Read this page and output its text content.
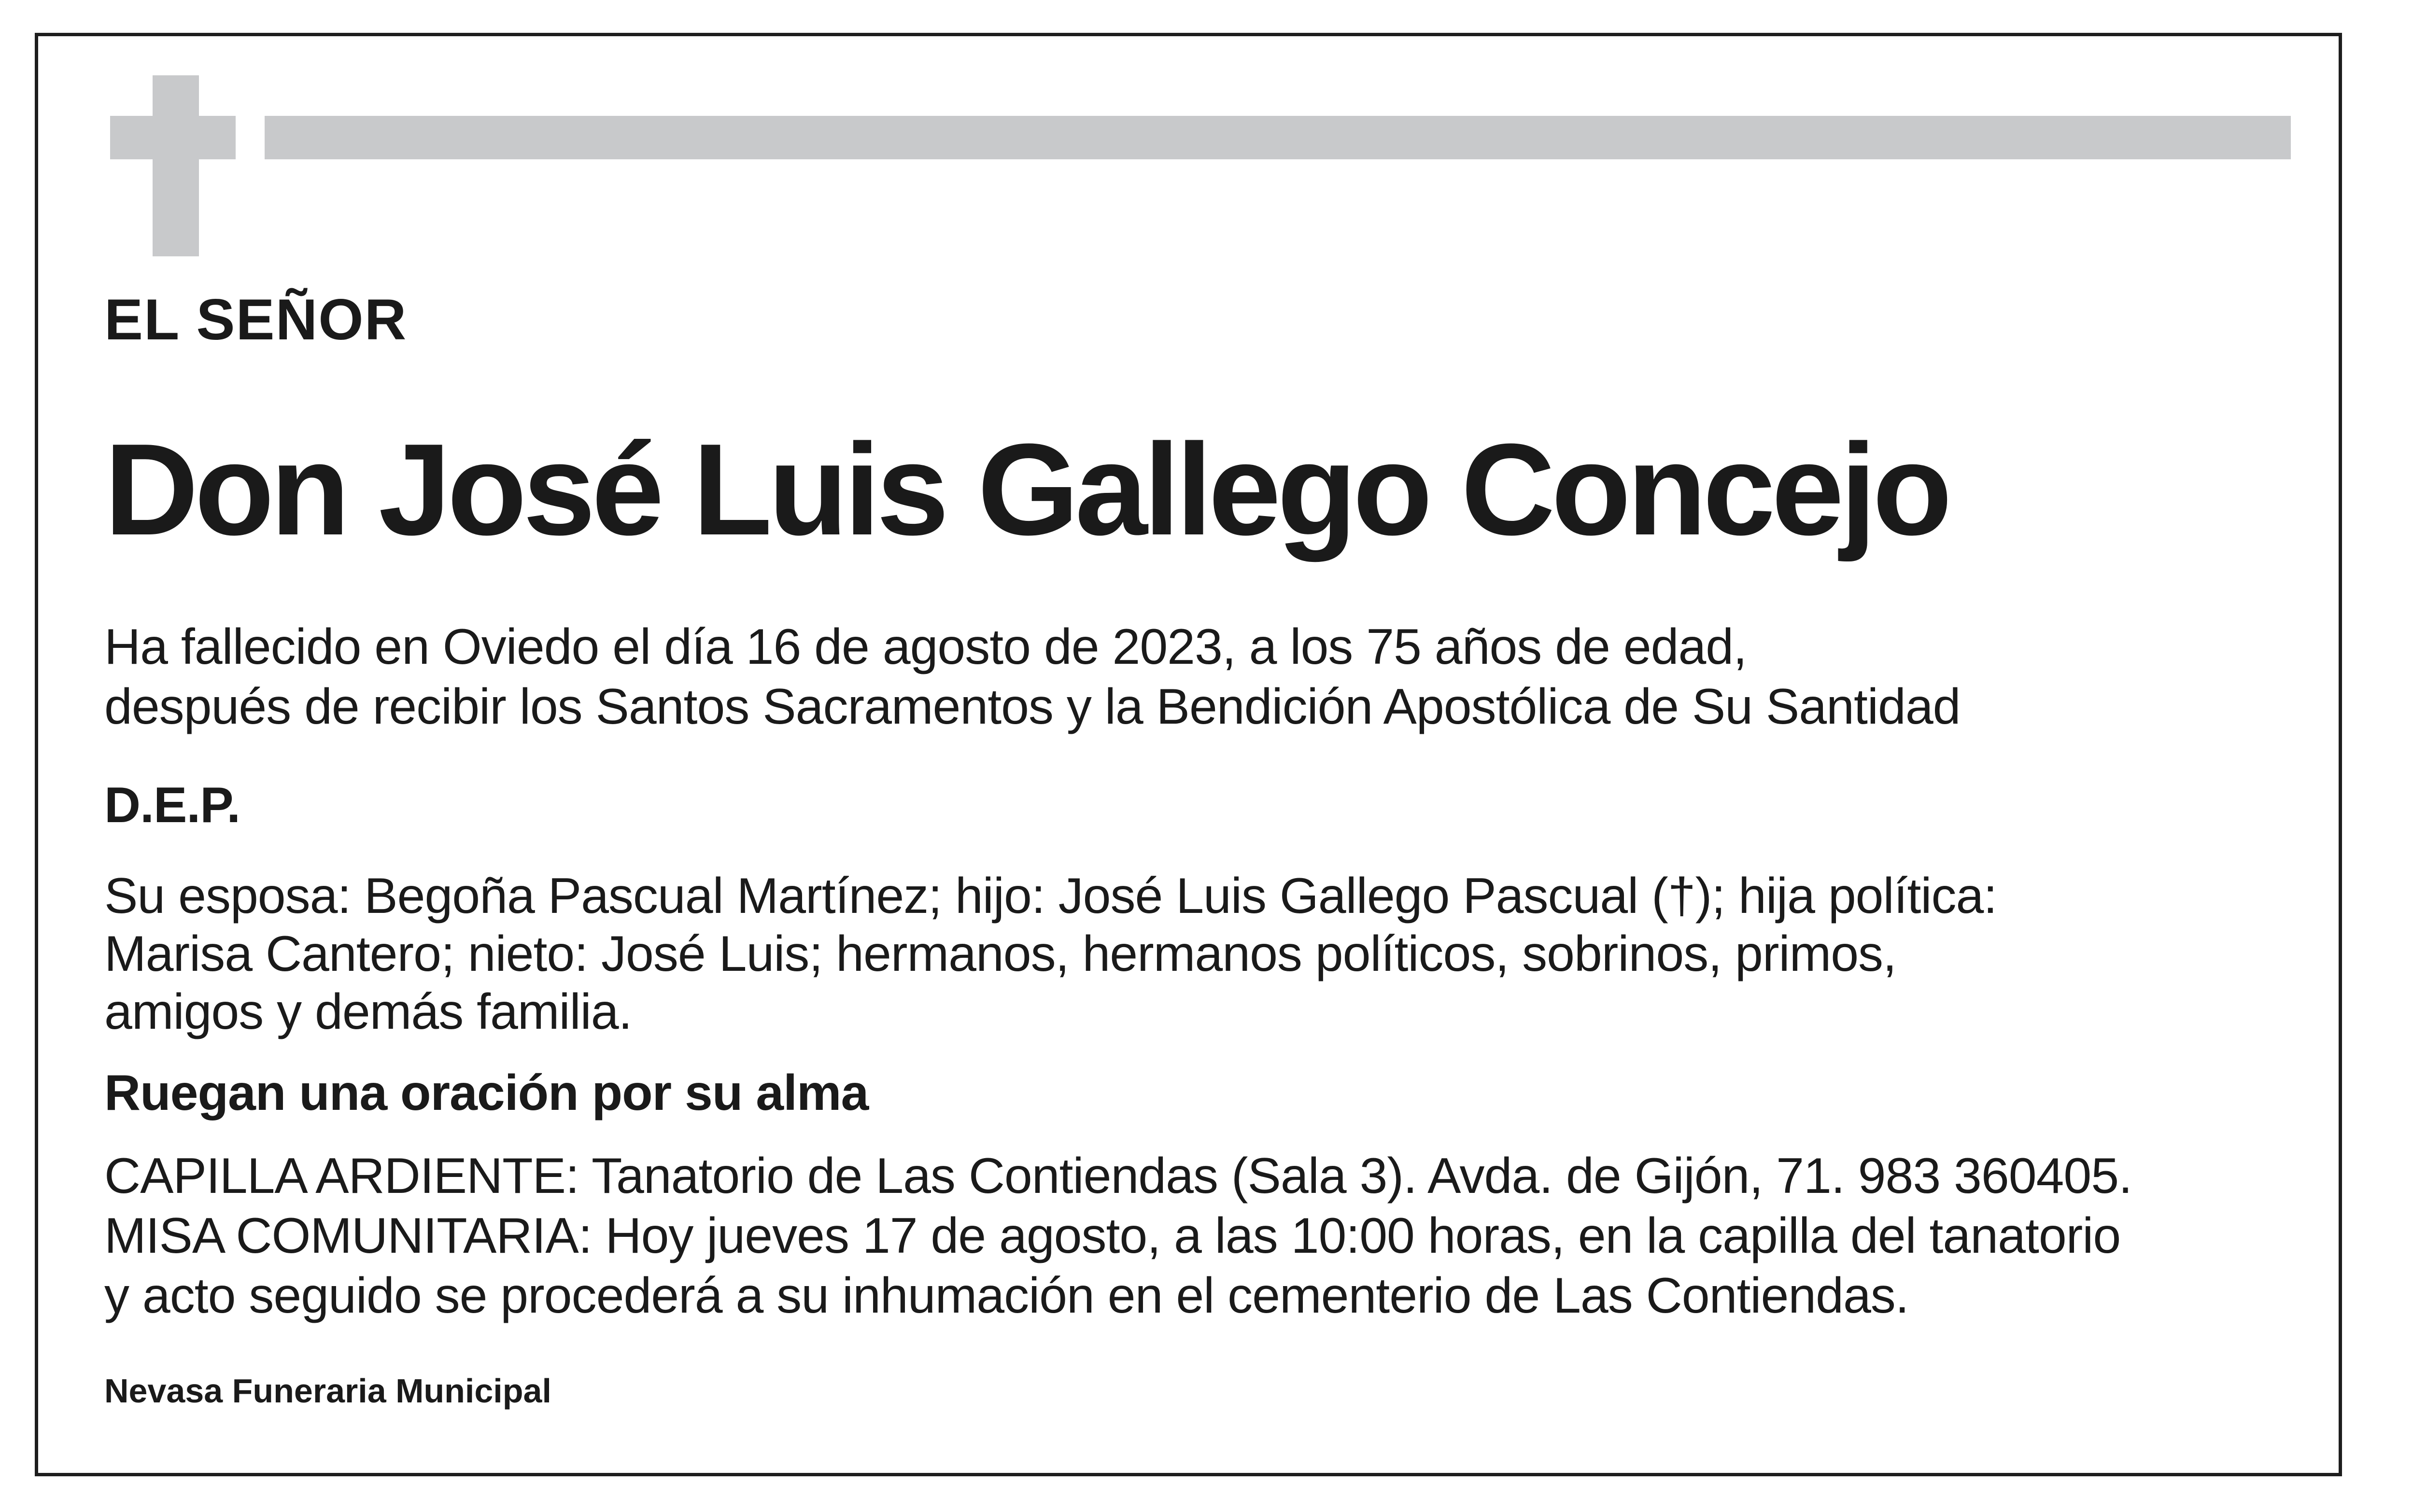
EL SEÑOR
Don José Luis Gallego Concejo
Ha fallecido en Oviedo el día 16 de agosto de 2023, a los 75 años de edad,
después de recibir los Santos Sacramentos y la Bendición Apostólica de Su Santidad
D.E.P.
Su esposa: Begoña Pascual Martínez; hijo: José Luis Gallego Pascual (†); hija política:
Marisa Cantero; nieto: José Luis; hermanos, hermanos políticos, sobrinos, primos,
amigos y demás familia.
Ruegan una oración por su alma
CAPILLA ARDIENTE: Tanatorio de Las Contiendas (Sala 3). Avda. de Gijón, 71. 983 360405.
MISA COMUNITARIA: Hoy jueves 17 de agosto, a las 10:00 horas, en la capilla del tanatorio
y acto seguido se procederá a su inhumación en el cementerio de Las Contiendas.
Nevasa Funeraria Municipal
